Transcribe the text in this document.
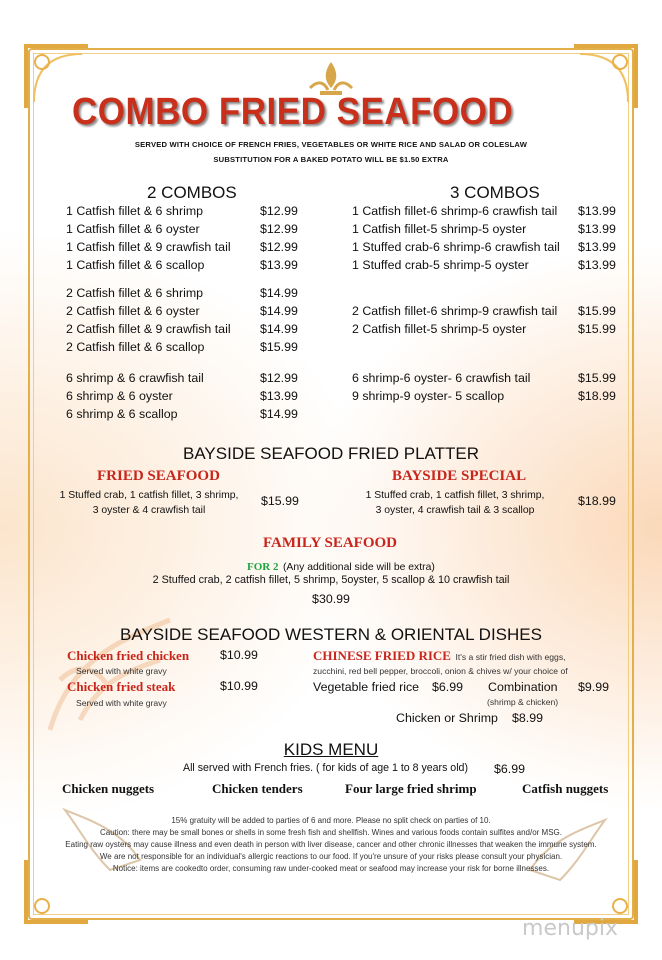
COMBO FRIED SEAFOOD
SERVED WITH CHOICE OF FRENCH FRIES, VEGETABLES OR WHITE RICE AND SALAD OR COLESLAW
SUBSTITUTION FOR A BAKED POTATO WILL BE $1.50 EXTRA
2 COMBOS
1 Catfish fillet & 6 shrimp	$12.99
1 Catfish fillet & 6 oyster	$12.99
1 Catfish fillet & 9 crawfish tail $12.99
1 Catfish fillet & 6 scallop	$13.99
2 Catfish fillet & 6 shrimp	$14.99
2 Catfish fillet & 6 oyster	$14.99
2 Catfish fillet & 9 crawfish tail $14.99
2 Catfish fillet & 6 scallop	$15.99
6 shrimp & 6 crawfish tail	$12.99
6 shrimp & 6 oyster	$13.99
6 shrimp & 6 scallop	$14.99
3 COMBOS
1 Catfish fillet-6 shrimp-6 crawfish tail $13.99
1 Catfish fillet-5 shrimp-5 oyster	$13.99
1 Stuffed crab-6 shrimp-6 crawfish tail $13.99
1 Stuffed crab-5 shrimp-5 oyster	$13.99
2 Catfish fillet-6 shrimp-9 crawfish tail $15.99
2 Catfish fillet-5 shrimp-5 oyster	$15.99
6 shrimp-6 oyster- 6 crawfish tail	$15.99
9 shrimp-9 oyster- 5 scallop	$18.99
BAYSIDE SEAFOOD FRIED PLATTER
FRIED SEAFOOD
1 Stuffed crab, 1 catfish fillet, 3 shrimp,
3 oyster & 4 crawfish tail
$15.99
BAYSIDE SPECIAL
1 Stuffed crab, 1 catfish fillet, 3 shrimp,
3 oyster, 4 crawfish tail & 3 scallop
$18.99
FAMILY SEAFOOD
FOR 2 (Any additional side will be extra)
2 Stuffed crab, 2 catfish fillet, 5 shrimp, 5oyster, 5 scallop & 10 crawfish tail
$30.99
BAYSIDE SEAFOOD WESTERN & ORIENTAL DISHES
Chicken fried chicken $10.99
Served with white gravy
Chicken fried steak	$10.99
Served with white gravy
CHINESE FRIED RICE It's a stir fried dish with eggs,
zucchini, red bell pepper, broccoli, onion & chives w/ your choice of
Vegetable fried rice $6.99 Combination $9.99
(shrimp & chicken)
Chicken or Shrimp $8.99
KIDS MENU
All served with French fries. ( for kids of age 1 to 8 years old) $6.99
Chicken nuggets	Chicken tenders	Four large fried shrimp	Catfish nuggets
15% gratuity will be added to parties of 6 and more. Please no split check on parties of 10.
Caution: there may be small bones or shells in some fresh fish and shellfish. Wines and various foods contain sulfites and/or MSG.
Eating raw oysters may cause illness and even death in person with liver disease, cancer and other chronic illnesses that weaken the immune system.
We are not responsible for an individual's allergic reactions to our food. If you're unsure of your risks please consult your physician.
Notice: items are cookedto order, consuming raw under-cooked meat or seafood may increase your risk for borne illnesses.
menupix
